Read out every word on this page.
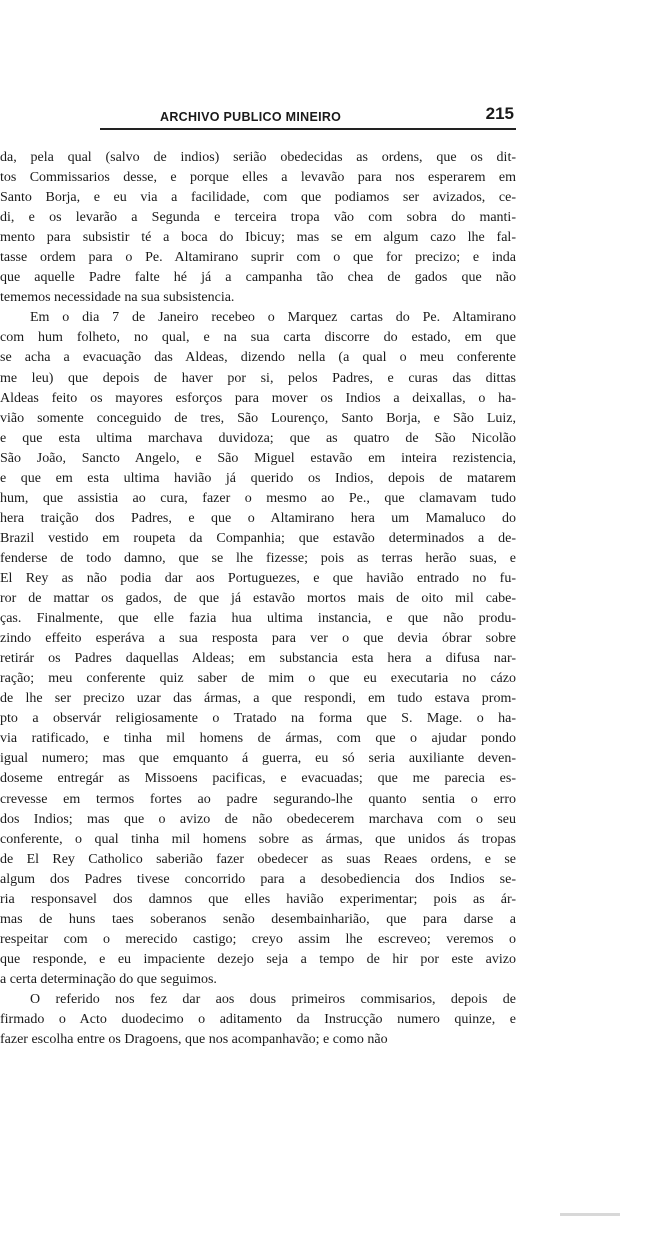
ARCHIVO PUBLICO MINEIRO	215
da, pela qual (salvo de indios) serião obedecidas as ordens, que os dit-
tos Commissarios desse, e porque elles a levavão para nos esperarem em
Santo Borja, e eu via a facilidade, com que podiamos ser avizados, ce-
di, e os levarão a Segunda e terceira tropa vão com sobra do manti-
mento para subsistir té a boca do Ibicuy; mas se em algum cazo lhe fal-
tasse ordem para o Pe. Altamirano suprir com o que for precizo; e inda
que aquelle Padre falte hé já a campanha tão chea de gados que não
tememos necessidade na sua subsistencia.
Em o dia 7 de Janeiro recebeo o Marquez cartas do Pe. Altamirano
com hum folheto, no qual, e na sua carta discorre do estado, em que
se acha a evacuação das Aldeas, dizendo nella (a qual o meu conferente
me leu) que depois de haver por si, pelos Padres, e curas das dittas
Aldeas feito os mayores esforços para mover os Indios a deixallas, o ha-
vião somente conceguido de tres, São Lourenço, Santo Borja, e São Luiz,
e que esta ultima marchava duvidoza; que as quatro de São Nicolão
São João, Sancto Angelo, e São Miguel estavão em inteira rezistencia,
e que em esta ultima havião já querido os Indios, depois de matarem
hum, que assistia ao cura, fazer o mesmo ao Pe., que clamavam tudo
hera traição dos Padres, e que o Altamirano hera um Mamaluco do
Brazil vestido em roupeta da Companhia; que estavão determinados a de-
fenderse de todo damno, que se lhe fizesse; pois as terras herão suas, e
El Rey as não podia dar aos Portuguezes, e que havião entrado no fu-
ror de mattar os gados, de que já estavão mortos mais de oito mil cabe-
ças. Finalmente, que elle fazia hua ultima instancia, e que não produ-
zindo effeito esperáva a sua resposta para ver o que devia óbrar sobre
retirár os Padres daquellas Aldeas; em substancia esta hera a difusa nar-
ração; meu conferente quiz saber de mim o que eu executaria no cázo
de lhe ser precizo uzar das ármas, a que respondi, em tudo estava prom-
pto a observár religiosamente o Tratado na forma que S. Mage. o ha-
via ratificado, e tinha mil homens de ármas, com que o ajudar pondo
igual numero; mas que emquanto á guerra, eu só seria auxiliante deven-
doseme entregár as Missoens pacificas, e evacuadas; que me parecia es-
crevesse em termos fortes ao padre segurando-lhe quanto sentia o erro
dos Indios; mas que o avizo de não obedecerem marchava com o seu
conferente, o qual tinha mil homens sobre as ármas, que unidos ás tropas
de El Rey Catholico saberião fazer obedecer as suas Reaes ordens, e se
algum dos Padres tivese concorrido para a desobediencia dos Indios se-
ria responsavel dos damnos que elles havião experimentar; pois as ár-
mas de huns taes soberanos senão desembainharião, que para darse a
respeitar com o merecido castigo; creyo assim lhe escreveo; veremos o
que responde, e eu impaciente dezejo seja a tempo de hir por este avizo
a certa determinação do que seguimos.
O referido nos fez dar aos dous primeiros commisarios, depois de
firmado o Acto duodecimo o aditamento da Instrucção numero quinze, e
fazer escolha entre os Dragoens, que nos acompanhavão; e como não
